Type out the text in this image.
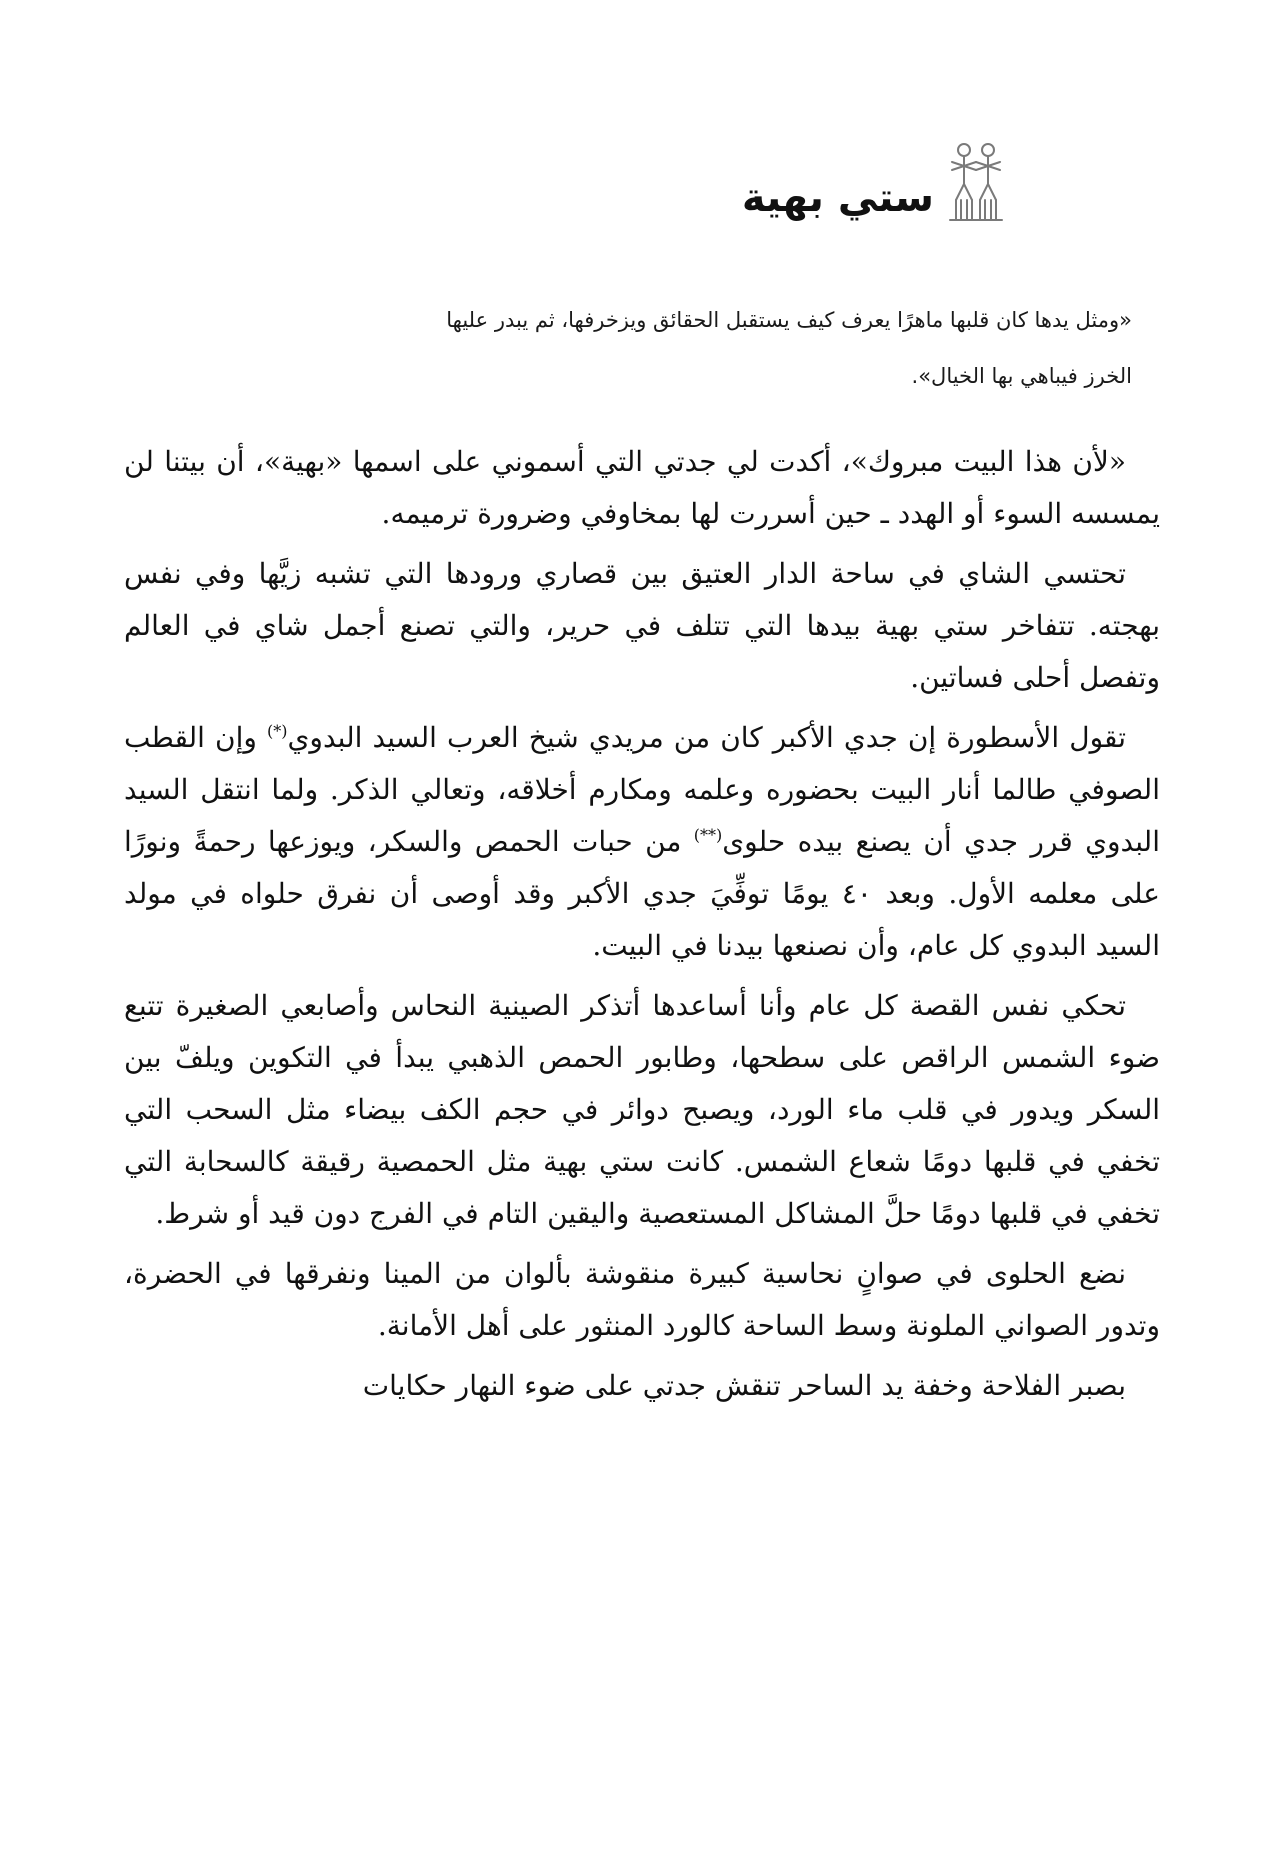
ستي بهية
«ومثل يدها كان قلبها ماهرًا يعرف كيف يستقبل الحقائق ويزخرفها، ثم يبدر عليها
الخرز فيباهي بها الخيال».

«لأن هذا البيت مبروك»، أكدت لي جدتي التي أسموني على اسمها «بهية»، أن بيتنا لن يمسسه السوء أو الهدد ـ حين أسررت لها بمخاوفي وضرورة ترميمه.

تحتسي الشاي في ساحة الدار العتيق بين قصاري ورودها التي تشبه زيَّها وفي نفس بهجته. تتفاخر ستي بهية بيدها التي تتلف في حرير، والتي تصنع أجمل شاي في العالم وتفصل أحلى فساتين.

تقول الأسطورة إن جدي الأكبر كان من مريدي شيخ العرب السيد البدوي(*) وإن القطب الصوفي طالما أنار البيت بحضوره وعلمه ومكارم أخلاقه، وتعالي الذكر. ولما انتقل السيد البدوي قرر جدي أن يصنع بيده حلوى(**) من حبات الحمص والسكر، ويوزعها رحمةً ونورًا على معلمه الأول. وبعد ٤٠ يومًا توفِّيَ جدي الأكبر وقد أوصى أن نفرق حلواه في مولد السيد البدوي كل عام، وأن نصنعها بيدنا في البيت.

تحكي نفس القصة كل عام وأنا أساعدها أتذكر الصينية النحاس وأصابعي الصغيرة تتبع ضوء الشمس الراقص على سطحها، وطابور الحمص الذهبي يبدأ في التكوين ويلفّ بين السكر ويدور في قلب ماء الورد، ويصبح دوائر في حجم الكف بيضاء مثل السحب التي تخفي في قلبها دومًا شعاع الشمس. كانت ستي بهية مثل الحمصية رقيقة كالسحابة التي تخفي في قلبها دومًا حلَّ المشاكل المستعصية واليقين التام في الفرج دون قيد أو شرط.

نضع الحلوى في صوانٍ نحاسية كبيرة منقوشة بألوان من المينا ونفرقها في الحضرة، وتدور الصواني الملونة وسط الساحة كالورد المنثور على أهل الأمانة.

بصبر الفلاحة وخفة يد الساحر تنقش جدتي على ضوء النهار حكايات
